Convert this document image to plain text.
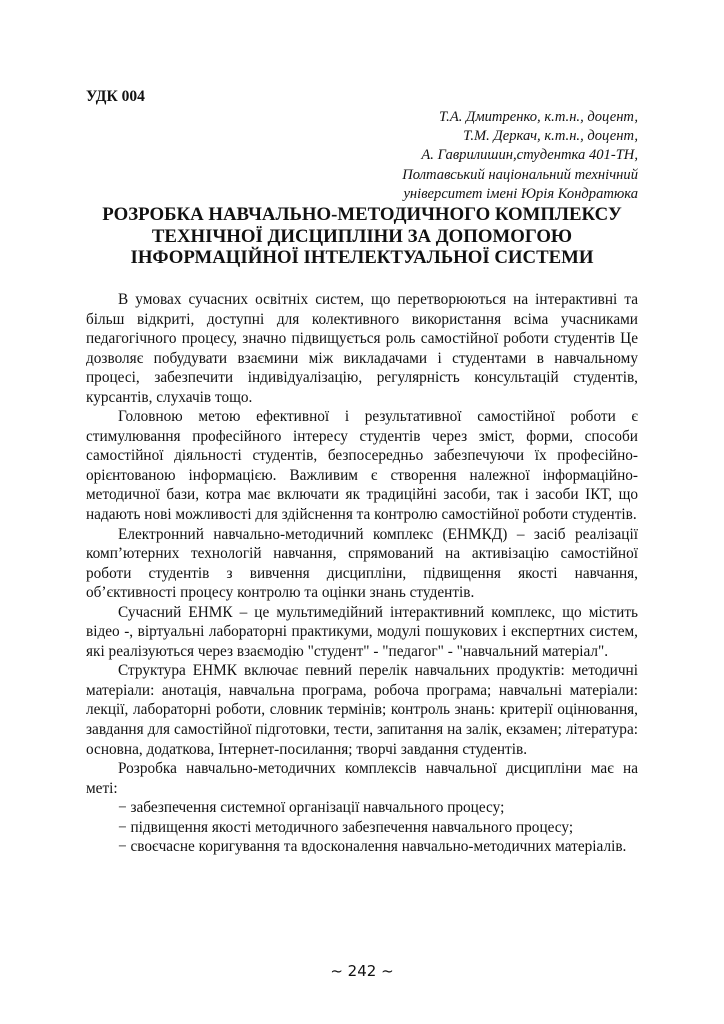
УДК 004
Т.А. Дмитренко, к.т.н., доцент,
Т.М. Деркач, к.т.н., доцент,
А. Гаврилишин,студентка 401-ТН,
Полтавський національний технічний
університет імені Юрія Кондратюка
РОЗРОБКА НАВЧАЛЬНО-МЕТОДИЧНОГО КОМПЛЕКСУ
ТЕХНІЧНОЇ ДИСЦИПЛІНИ ЗА ДОПОМОГОЮ
ІНФОРМАЦІЙНОЇ ІНТЕЛЕКТУАЛЬНОЇ СИСТЕМИ

В умовах сучасних освітніх систем, що перетворюються на інтерактивні та більш відкриті, доступні для колективного використання всіма учасниками педагогічного процесу, значно підвищується роль самостійної роботи студентів Це дозволяє побудувати взаємини між викладачами і студентами в навчальному процесі, забезпечити індивідуалізацію, регулярність консультацій студентів, курсантів, слухачів тощо.

Головною метою ефективної і результативної самостійної роботи є стимулювання професійного інтересу студентів через зміст, форми, способи самостійної діяльності студентів, безпосередньо забезпечуючи їх професійно-орієнтованою інформацією. Важливим є створення належної інформаційно-методичної бази, котра має включати як традиційні засоби, так і засоби ІКТ, що надають нові можливості для здійснення та контролю самостійної роботи студентів.

Електронний навчально-методичний комплекс (ЕНМКД) – засіб реалізації комп’ютерних технологій навчання, спрямований на активізацію самостійної роботи студентів з вивчення дисципліни, підвищення якості навчання, об’єктивності процесу контролю та оцінки знань студентів.

Сучасний ЕНМК – це мультимедійний інтерактивний комплекс, що містить відео -, віртуальні лабораторні практикуми, модулі пошукових і експертних систем, які реалізуються через взаємодію "студент" - "педагог" - "навчальний матеріал".

Структура ЕНМК включає певний перелік навчальних продуктів: методичні матеріали: анотація, навчальна програма, робоча програма; навчальні матеріали: лекції, лабораторні роботи, словник термінів; контроль знань: критерії оцінювання, завдання для самостійної підготовки, тести, запитання на залік, екзамен; література: основна, додаткова, Інтернет-посилання; творчі завдання студентів.

Розробка навчально-методичних комплексів навчальної дисципліни має на меті:

− забезпечення системної організації навчального процесу;

− підвищення якості методичного забезпечення навчального процесу;

− своєчасне коригування та вдосконалення навчально-методичних матеріалів.

~ 242 ~
